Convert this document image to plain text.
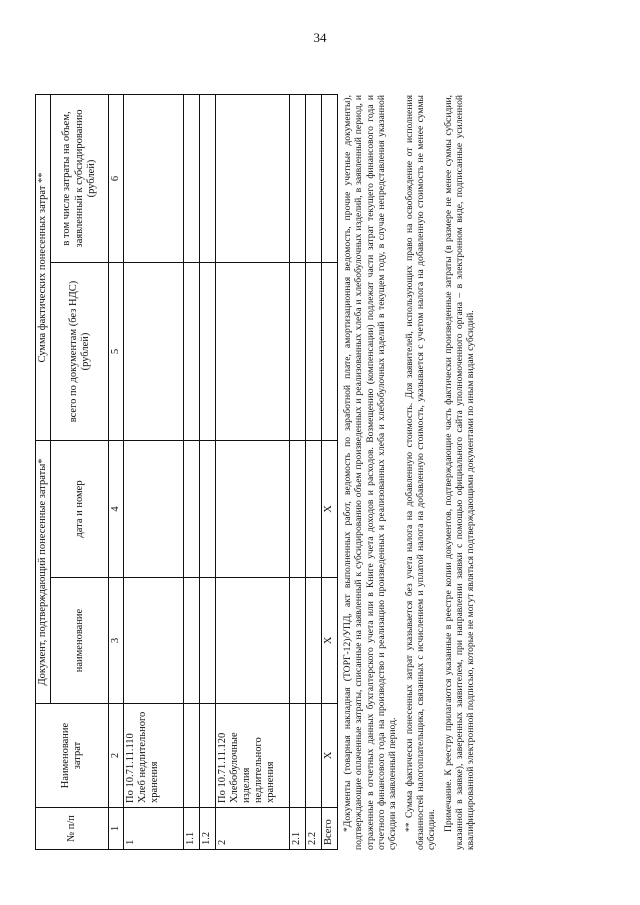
34
№ п/п	Наименование затрат	Документ, подтверждающий понесенные затраты*		Сумма фактических понесенных затрат **	
		наименование	дата и номер	всего по документам (без НДС) (рублей)	в том числе затраты на объем, заявленный к субсидированию (рублей)
1	2	3	4	5	6
1	По 10.71.11.110 Хлеб недлительного хранения				
1.1					
1.2					
2	По 10.71.11.120 Хлебобулочные изделия недлительного хранения				
2.1					
2.2					
Всего	Х	Х	Х		*Документы (товарная накладная (ТОРГ-12)/УПД, акт выполненных работ, ведомость по заработной плате, амортизационная ведомость, прочие учетные документы), подтверждающие оплаченные затраты, списанные на заявленный к субсидированию объем произведенных и реализованных хлеба и хлебобулочных изделий, в заявленный период, и отраженные в отчетных данных бухгалтерского учета или в Книге учета доходов и расходов. Возмещению (компенсации) подлежат части затрат текущего финансового года и отчетного финансового года на производство и реализацию произведенных и реализованных хлеба и хлебобулочных изделий в текущем году, в случае непредставления указанной субсидии за заявленный период. ** Сумма фактически понесенных затрат указывается без учета налога на добавленную стоимость. Для заявителей, использующих право на освобождение от исполнения обязанностей налогоплательщика, связанных с исчислением и уплатой налога на добавленную стоимость, указывается с учетом налога на добавленную стоимость не менее суммы субсидии. Примечание. К реестру прилагаются указанные в реестре копии документов, подтверждающие часть фактически произведенные затраты (в размере не менее суммы субсидии, указанной в заявке), заверенных заявителем, при направлении заявки с помощью официального сайта уполномоченного органа – в электронном виде, подписанные усиленной квалифицированной электронной подписью, которые не могут являться подтверждающими документами по иным видам субсидий.
